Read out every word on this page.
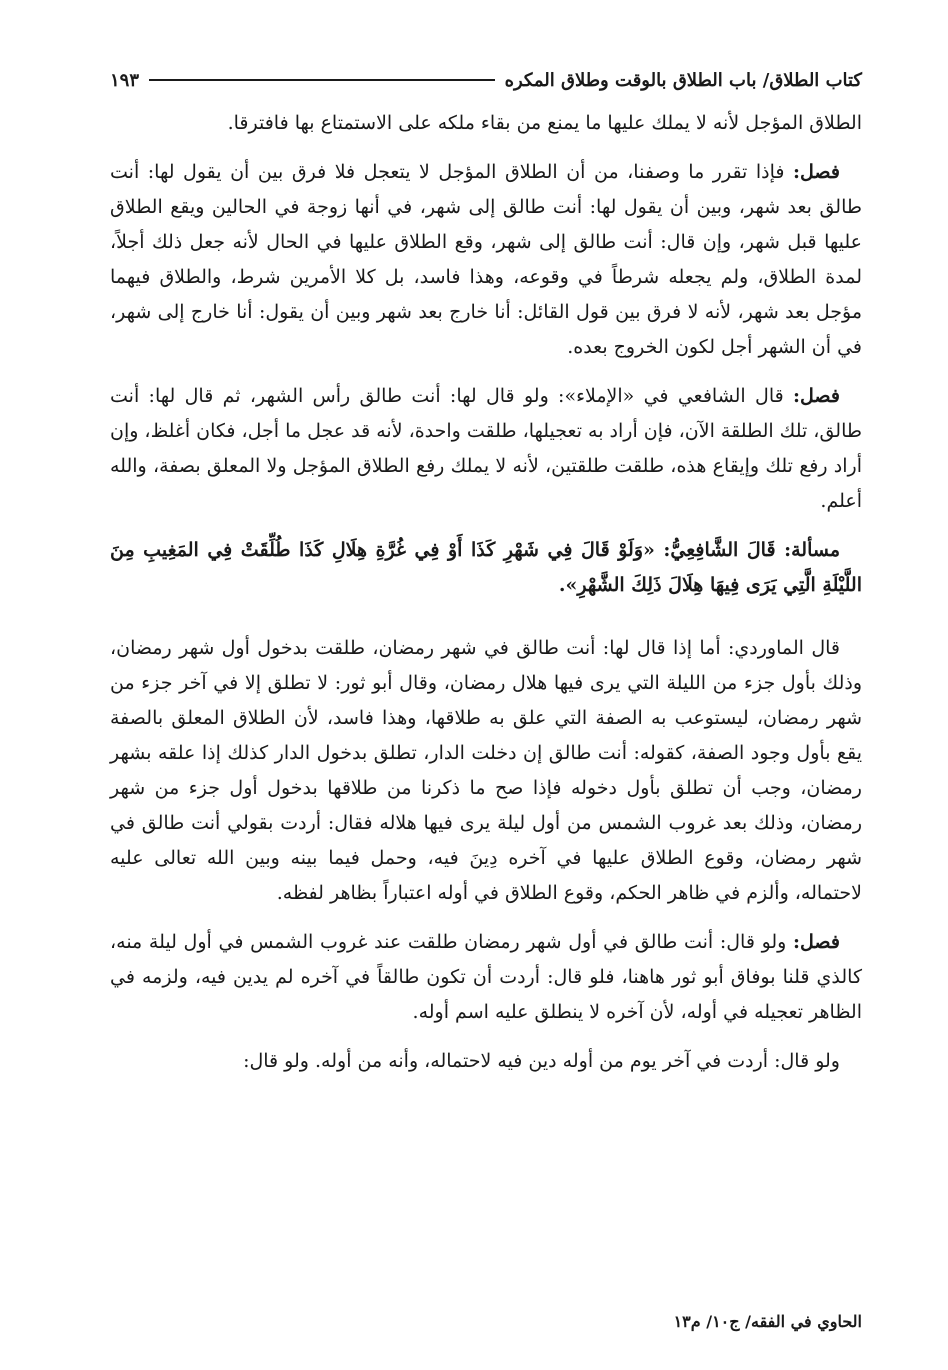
كتاب الطلاق/ باب الطلاق بالوقت وطلاق المكره
١٩٣

الطلاق المؤجل لأنه لا يملك عليها ما يمنع من بقاء ملكه على الاستمتاع بها فافترقا.

فصل: فإذا تقرر ما وصفنا، من أن الطلاق المؤجل لا يتعجل فلا فرق بين أن يقول لها: أنت طالق بعد شهر، وبين أن يقول لها: أنت طالق إلى شهر، في أنها زوجة في الحالين ويقع الطلاق عليها قبل شهر، وإن قال: أنت طالق إلى شهر، وقع الطلاق عليها في الحال لأنه جعل ذلك أجلاً، لمدة الطلاق، ولم يجعله شرطاً في وقوعه، وهذا فاسد، بل كلا الأمرين شرط، والطلاق فيهما مؤجل بعد شهر، لأنه لا فرق بين قول القائل: أنا خارج بعد شهر وبين أن يقول: أنا خارج إلى شهر، في أن الشهر أجل لكون الخروج بعده.

فصل: قال الشافعي في «الإملاء»: ولو قال لها: أنت طالق رأس الشهر، ثم قال لها: أنت طالق، تلك الطلقة الآن، فإن أراد به تعجيلها، طلقت واحدة، لأنه قد عجل ما أجل، فكان أغلظ، وإن أراد رفع تلك وإيقاع هذه، طلقت طلقتين، لأنه لا يملك رفع الطلاق المؤجل ولا المعلق بصفة، والله أعلم.

مسألة: قَالَ الشَّافِعِيُّ: «وَلَوْ قَالَ فِي شَهْرِ كَذَا أَوْ فِي غُرَّةِ هِلَالِ كَذَا طُلِّقَتْ فِي المَغِيبِ مِنَ اللَّيْلَةِ الَّتِي يَرَى فِيهَا هِلَالَ ذَلِكَ الشَّهْرِ».

قال الماوردي: أما إذا قال لها: أنت طالق في شهر رمضان، طلقت بدخول أول شهر رمضان، وذلك بأول جزء من الليلة التي يرى فيها هلال رمضان، وقال أبو ثور: لا تطلق إلا في آخر جزء من شهر رمضان، ليستوعب به الصفة التي علق به طلاقها، وهذا فاسد، لأن الطلاق المعلق بالصفة يقع بأول وجود الصفة، كقوله: أنت طالق إن دخلت الدار، تطلق بدخول الدار كذلك إذا علقه بشهر رمضان، وجب أن تطلق بأول دخوله فإذا صح ما ذكرنا من طلاقها بدخول أول جزء من شهر رمضان، وذلك بعد غروب الشمس من أول ليلة يرى فيها هلاله فقال: أردت بقولي أنت طالق في شهر رمضان، وقوع الطلاق عليها في آخره دِينَ فيه، وحمل فيما بينه وبين الله تعالى عليه لاحتماله، وألزم في ظاهر الحكم، وقوع الطلاق في أوله اعتباراً بظاهر لفظه.

فصل: ولو قال: أنت طالق في أول شهر رمضان طلقت عند غروب الشمس في أول ليلة منه، كالذي قلنا بوفاق أبو ثور هاهنا، فلو قال: أردت أن تكون طالقاً في آخره لم يدين فيه، ولزمه في الظاهر تعجيله في أوله، لأن آخره لا ينطلق عليه اسم أوله.

ولو قال: أردت في آخر يوم من أوله دين فيه لاحتماله، وأنه من أوله. ولو قال:

الحاوي في الفقه/ ج١٠/ م١٣
